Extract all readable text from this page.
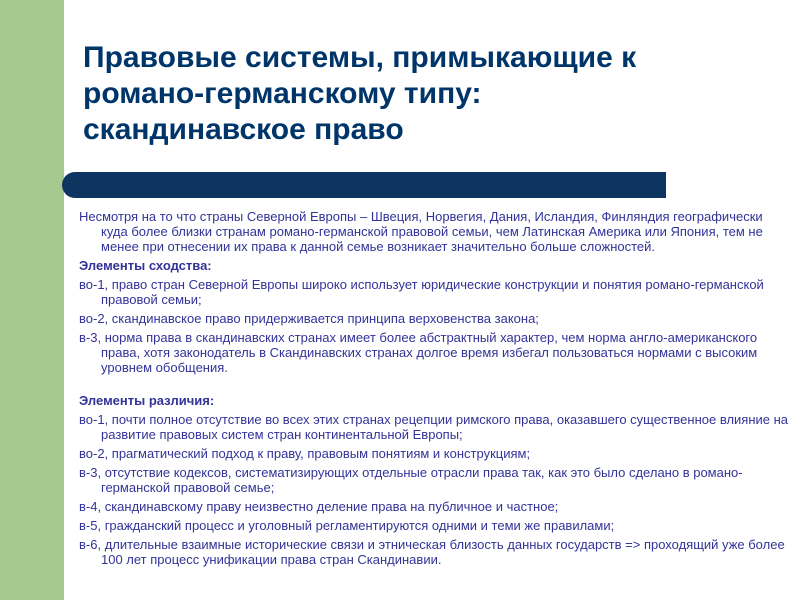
Правовые системы, примыкающие к
романо-германскому типу:
скандинавское право

Несмотря на то что страны Северной Европы – Швеция, Норвегия, Дания, Исландия, Финляндия географически куда более близки странам романо-германской правовой семьи, чем Латинская Америка или Япония, тем не менее при отнесении их права к данной семье возникает значительно больше сложностей.

Элементы сходства:

во-1, право стран Северной Европы широко использует юридические конструкции и понятия романо-германской правовой семьи;

во-2, скандинавское право придерживается принципа верховенства закона;

в-3, норма права в скандинавских странах имеет более абстрактный характер, чем норма англо-американского права, хотя законодатель в Скандинавских странах долгое время избегал пользоваться нормами с высоким уровнем обобщения.

Элементы различия:

во-1, почти полное отсутствие во всех этих странах рецепции римского права, оказавшего существенное влияние на развитие правовых систем стран континентальной Европы;

во-2, прагматический подход к праву, правовым понятиям и конструкциям;

в-3, отсутствие кодексов, систематизирующих отдельные отрасли права так, как это было сделано в романо-германской правовой семье;

в-4, скандинавскому праву неизвестно деление права на публичное и частное;

в-5, гражданский процесс и уголовный регламентируются одними и теми же правилами;

в-6, длительные взаимные исторические связи и этническая близость данных государств => проходящий уже более 100 лет процесс унификации права стран Скандинавии.
